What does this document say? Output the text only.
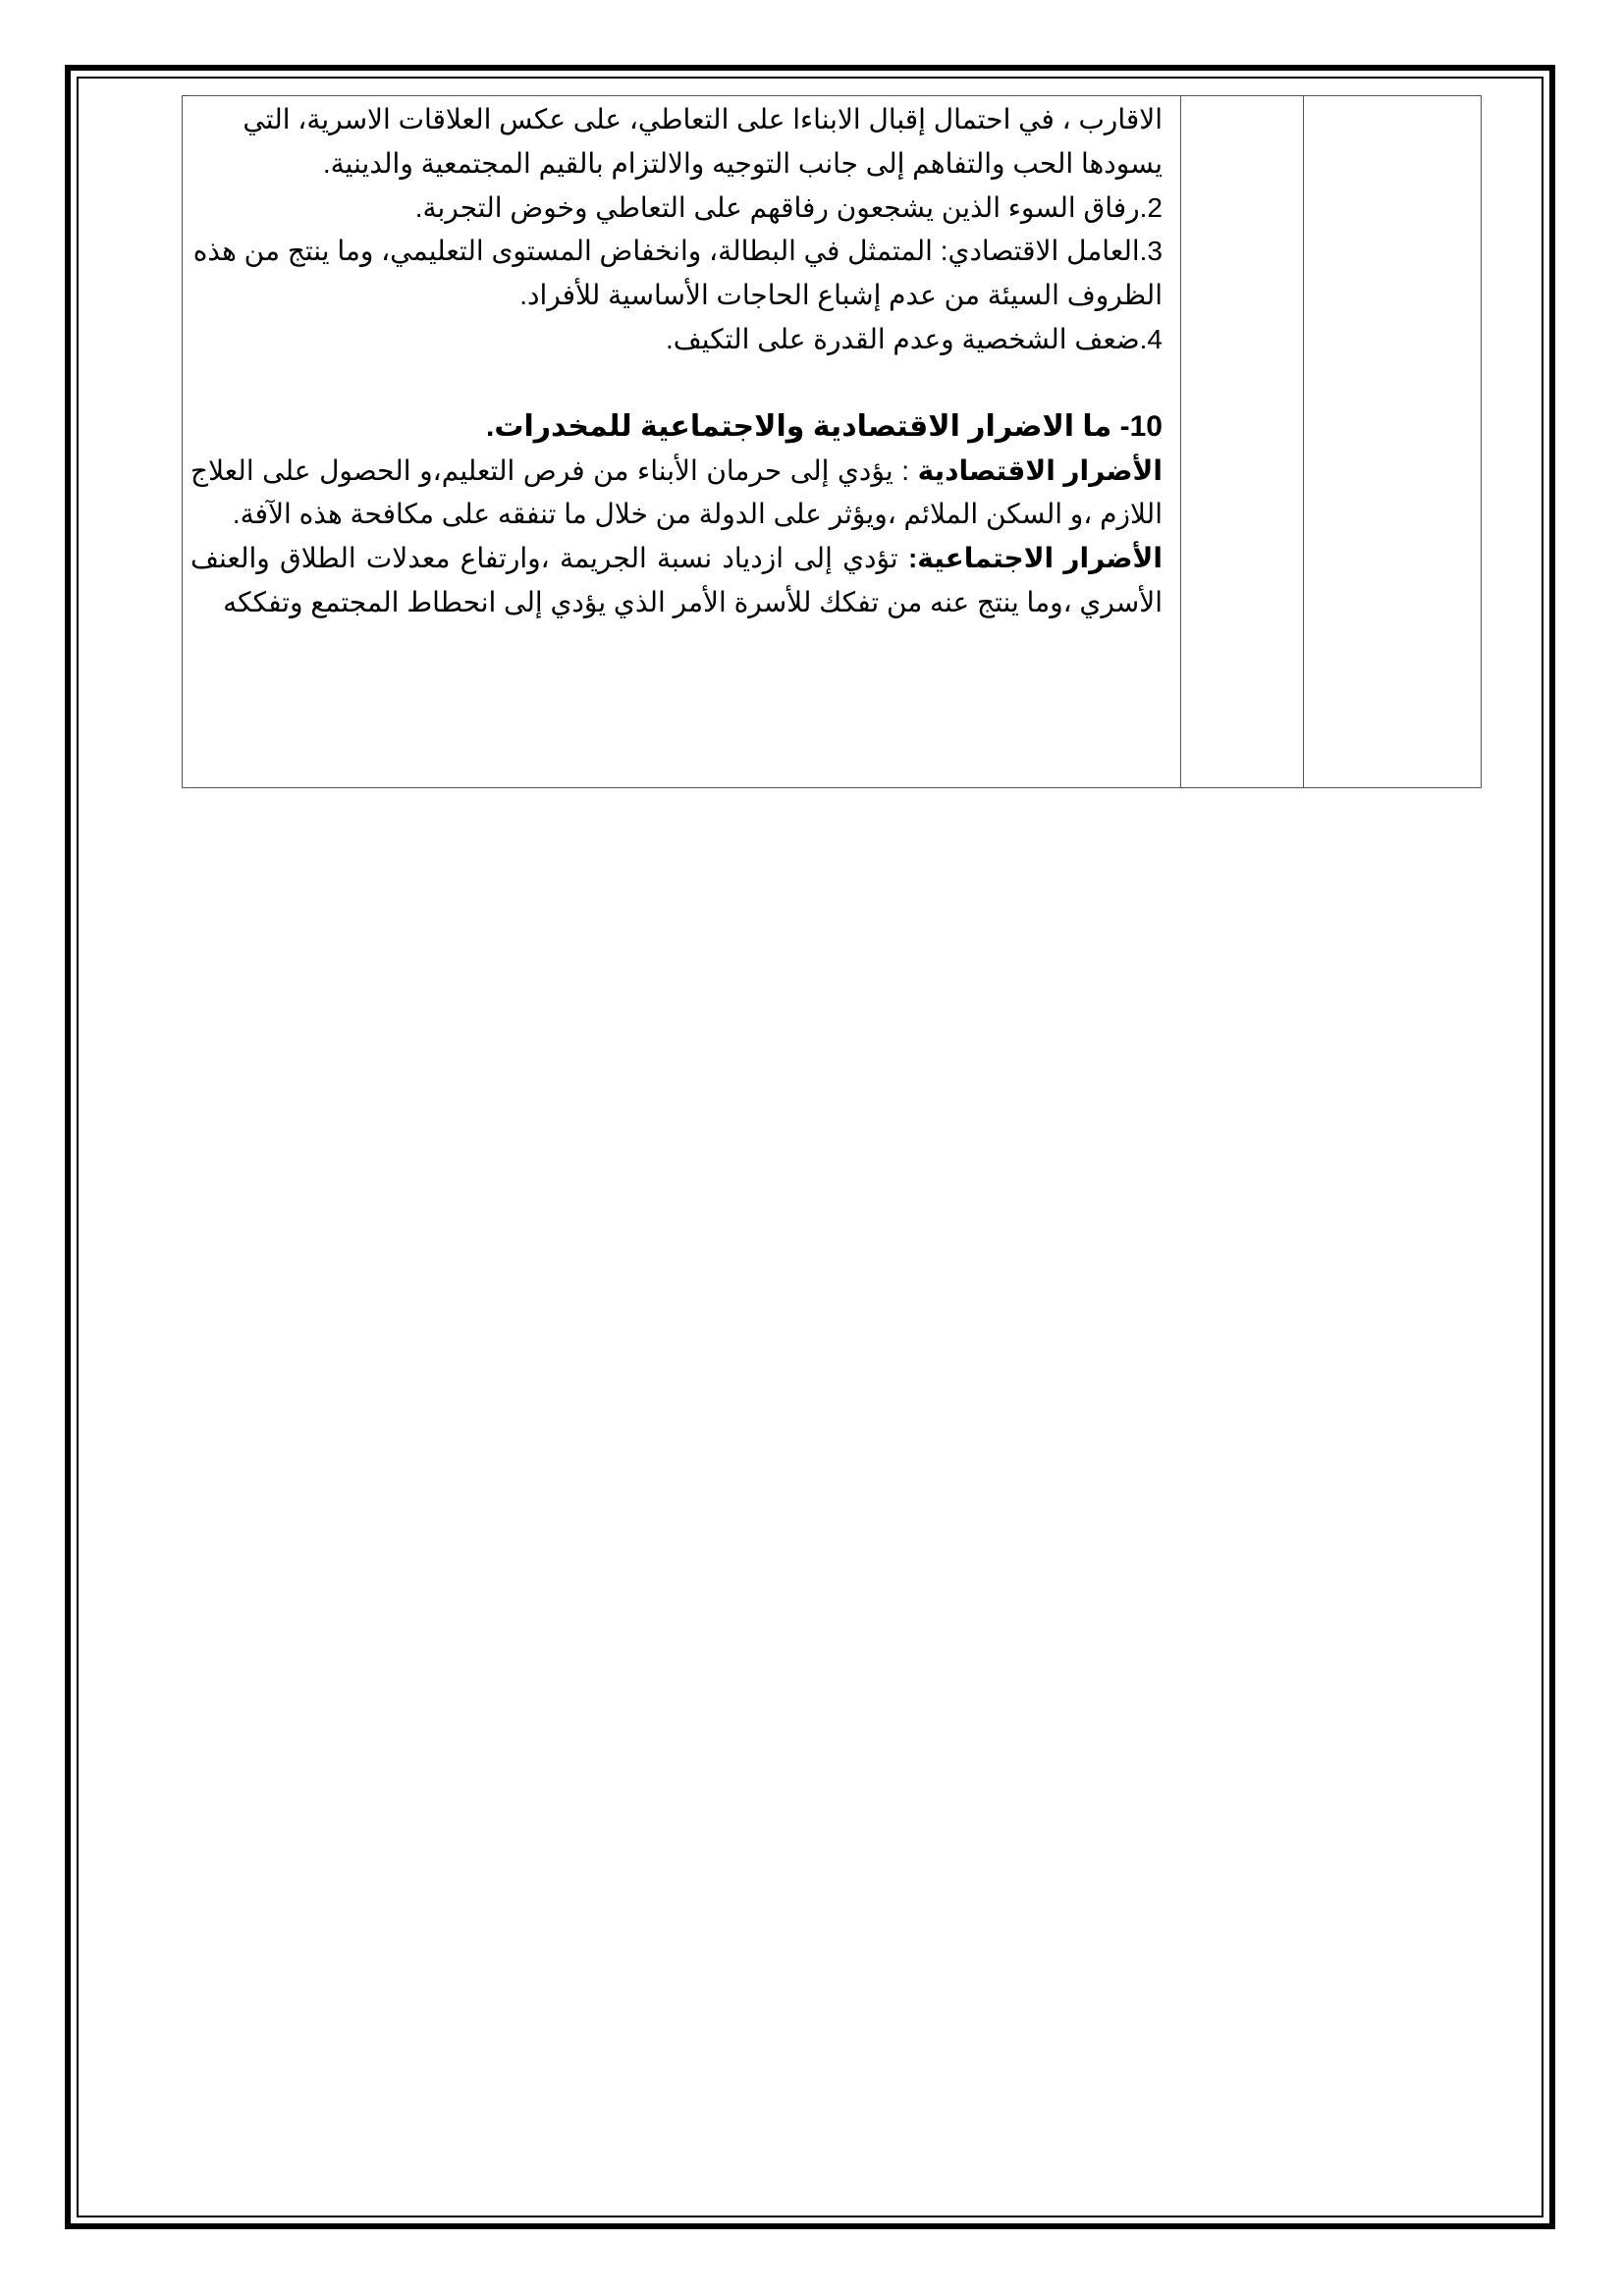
الاقارب ، في احتمال إقبال الابناءا على التعاطي، على عكس العلاقات الاسرية، التي يسودها الحب والتفاهم إلى جانب التوجيه والالتزام بالقيم المجتمعية والدينية.

2.رفاق السوء الذين يشجعون رفاقهم على التعاطي وخوض التجربة.

3.العامل الاقتصادي: المتمثل في البطالة، وانخفاض المستوى التعليمي، وما ينتج من هذه الظروف السيئة من عدم إشباع الحاجات الأساسية للأفراد.

4.ضعف الشخصية وعدم القدرة على التكيف.

10- ما الاضرار الاقتصادية والاجتماعية للمخدرات.

الأضرار الاقتصادية : يؤدي إلى حرمان الأبناء من فرص التعليم،و الحصول على العلاج اللازم ،و السكن الملائم ،ويؤثر على الدولة من خلال ما تنفقه على مكافحة هذه الآفة.

الأضرار الاجتماعية: تؤدي إلى ازدياد نسبة الجريمة ،وارتفاع معدلات الطلاق والعنف الأسري ،وما ينتج عنه من تفكك للأسرة الأمر الذي يؤدي إلى انحطاط المجتمع وتفككه
